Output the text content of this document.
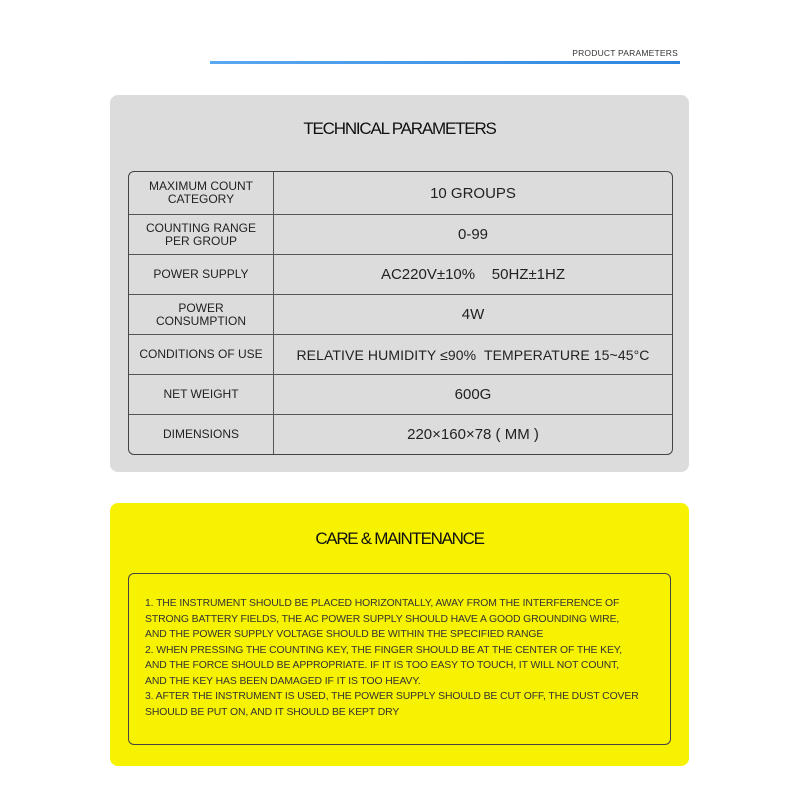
PRODUCT PARAMETERS
TECHNICAL PARAMETERS
MAXIMUM COUNT CATEGORY	10 GROUPS
COUNTING RANGE PER GROUP	0-99
POWER SUPPLY	AC220V±10%    50HZ±1HZ
POWER CONSUMPTION	4W
CONDITIONS OF USE	RELATIVE HUMIDITY ≤90%  TEMPERATURE 15~45°C
NET WEIGHT	600G
DIMENSIONS	220×160×78 ( MM )
CARE & MAINTENANCE
1. THE INSTRUMENT SHOULD BE PLACED HORIZONTALLY, AWAY FROM THE INTERFERENCE OF
STRONG BATTERY FIELDS, THE AC POWER SUPPLY SHOULD HAVE A GOOD GROUNDING WIRE,
AND THE POWER SUPPLY VOLTAGE SHOULD BE WITHIN THE SPECIFIED RANGE
2. WHEN PRESSING THE COUNTING KEY, THE FINGER SHOULD BE AT THE CENTER OF THE KEY,
AND THE FORCE SHOULD BE APPROPRIATE. IF IT IS TOO EASY TO TOUCH, IT WILL NOT COUNT,
AND THE KEY HAS BEEN DAMAGED IF IT IS TOO HEAVY.
3. AFTER THE INSTRUMENT IS USED, THE POWER SUPPLY SHOULD BE CUT OFF, THE DUST COVER
SHOULD BE PUT ON, AND IT SHOULD BE KEPT DRY
